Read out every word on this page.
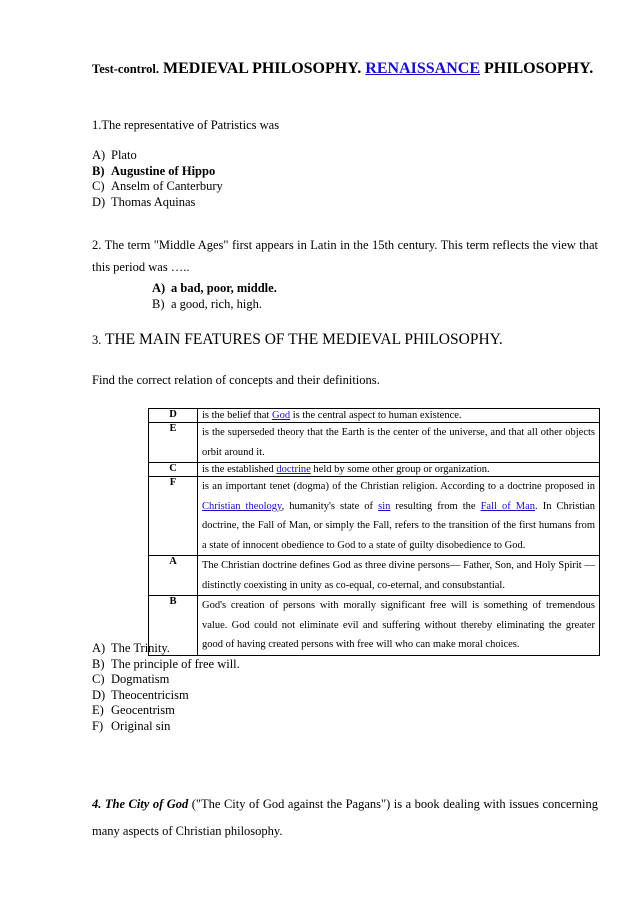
Test-control. MEDIEVAL PHILOSOPHY. RENAISSANCE PHILOSOPHY.
1.The representative of Patristics was
A) Plato
B) Augustine of Hippo
C) Anselm of Canterbury
D) Thomas Aquinas
2. The term "Middle Ages" first appears in Latin in the 15th century. This term reflects the view that this period was …..
A) a bad, poor, middle.
B) a good, rich, high.
3. THE MAIN FEATURES OF THE MEDIEVAL PHILOSOPHY.
Find the correct relation of concepts and their definitions.
D	is the belief that God is the central aspect to human existence.
E	is the superseded theory that the Earth is the center of the universe, and that all other objects orbit around it.
C	is the established doctrine held by some other group or organization.
F	is an important tenet (dogma) of the Christian religion. According to a doctrine proposed in Christian theology, humanity's state of sin resulting from the Fall of Man. In Christian doctrine, the Fall of Man, or simply the Fall, refers to the transition of the first humans from a state of innocent obedience to God to a state of guilty disobedience to God.
A	The Christian doctrine defines God as three divine persons— Father, Son, and Holy Spirit — distinctly coexisting in unity as co-equal, co-eternal, and consubstantial.
B	God's creation of persons with morally significant free will is something of tremendous value. God could not eliminate evil and suffering without thereby eliminating the greater good of having created persons with free will who can make moral choices.
A) The Trinity.
B) The principle of free will.
C) Dogmatism
D) Theocentricism
E) Geocentrism
F) Original sin
4. The City of God ("The City of God against the Pagans") is a book dealing with issues concerning many aspects of Christian philosophy.
